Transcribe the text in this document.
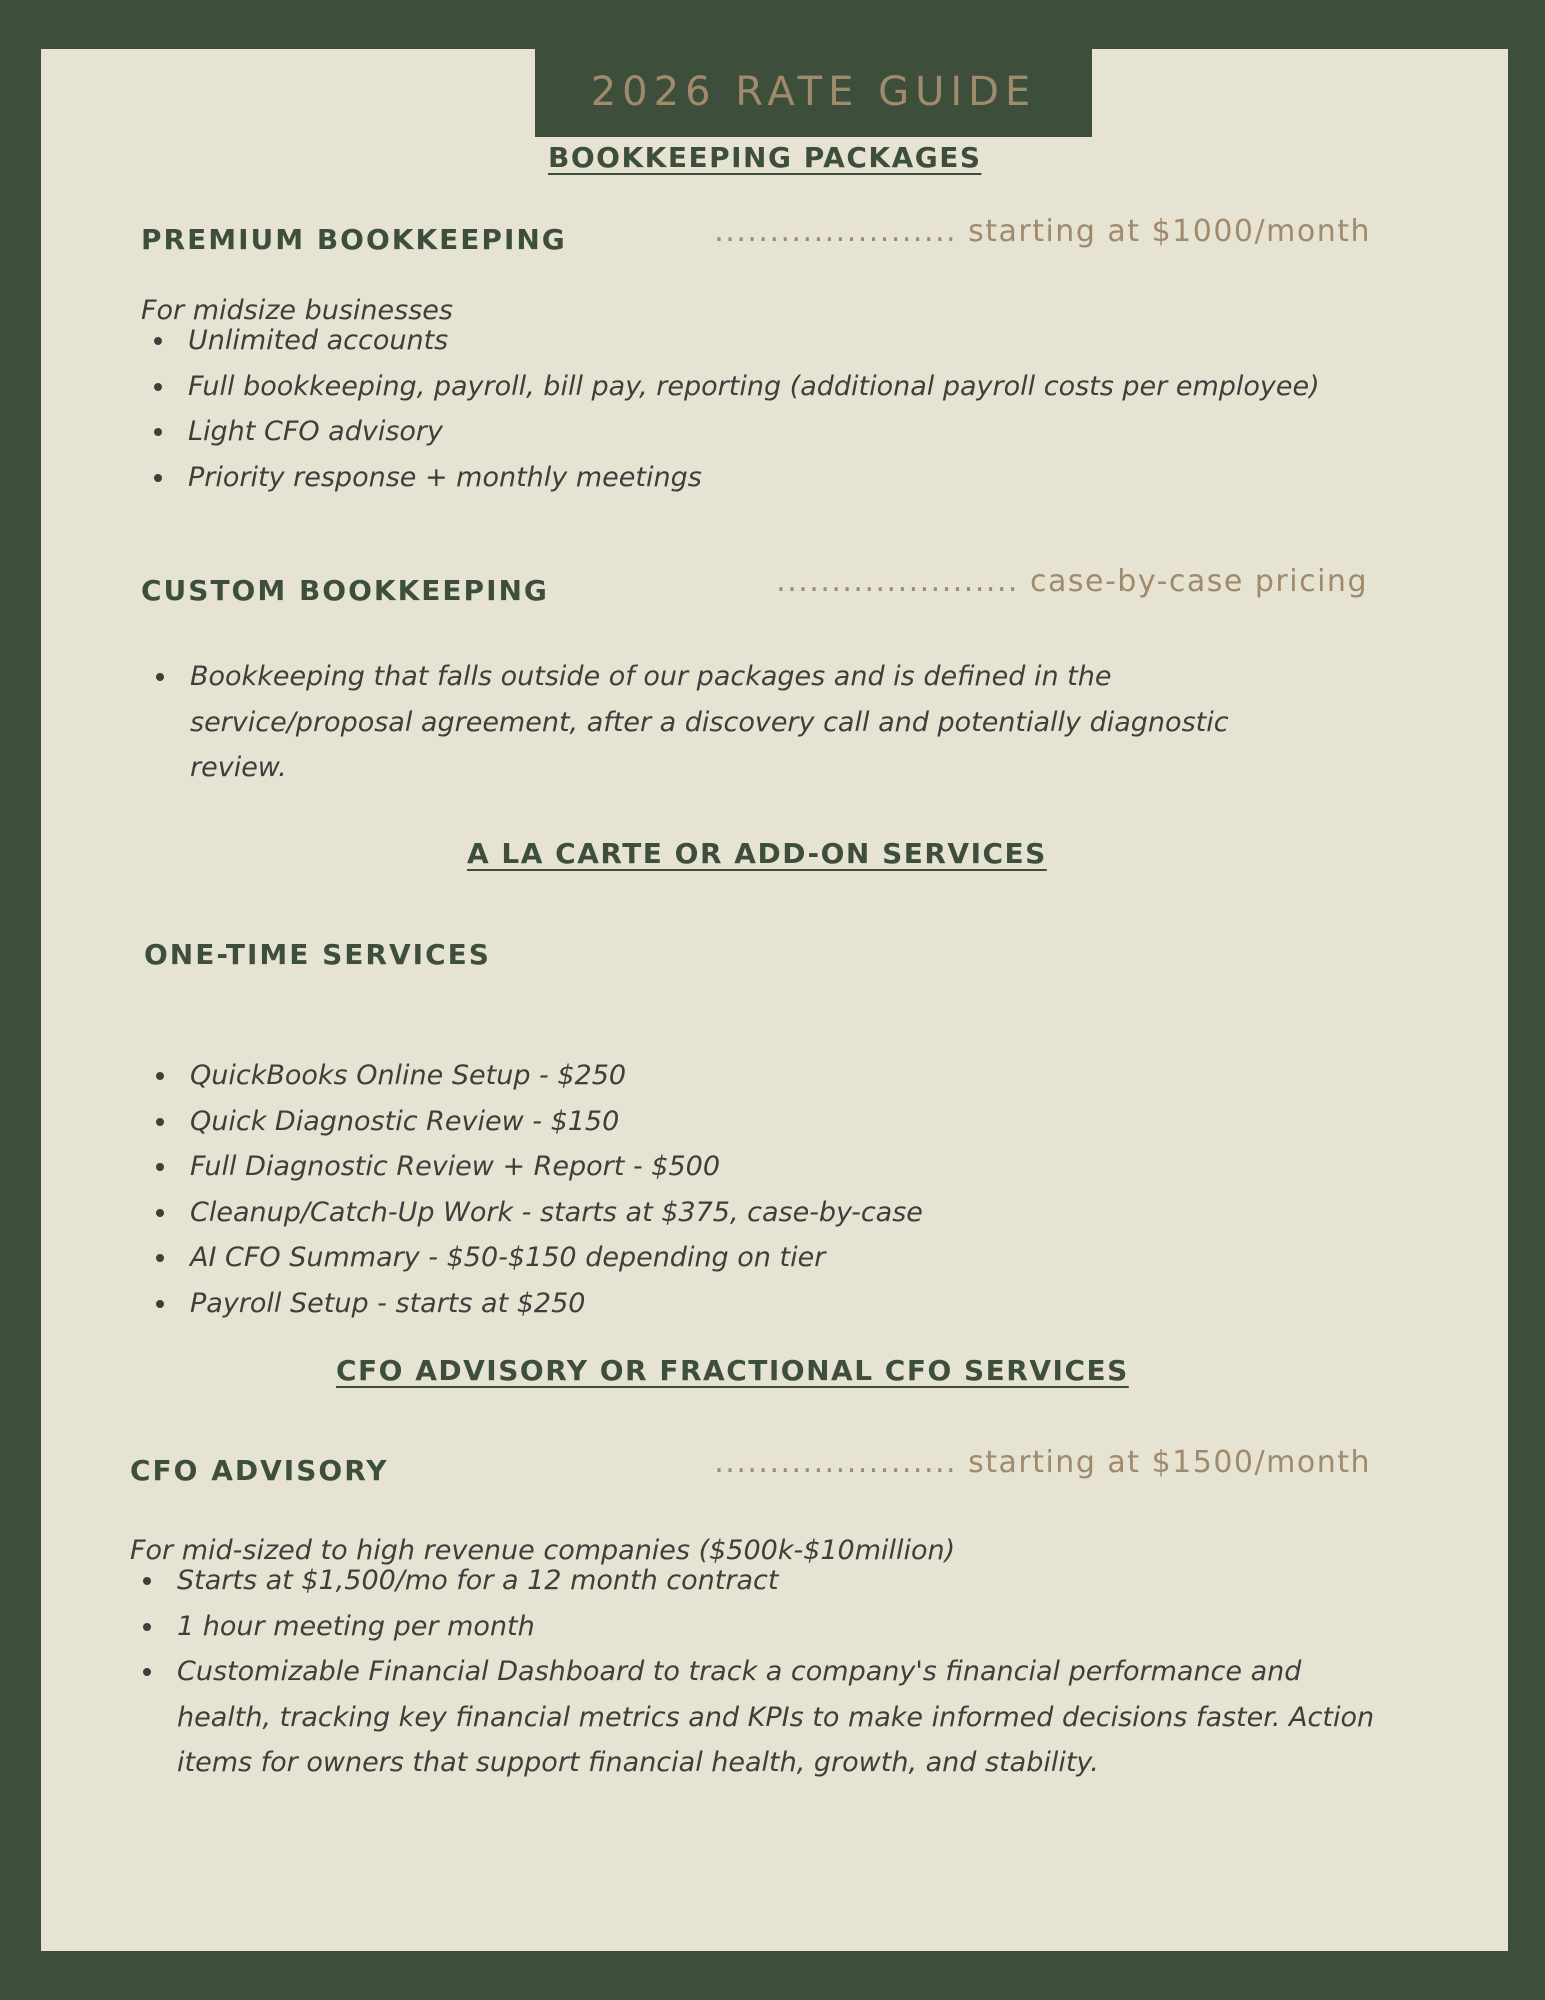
2026 RATE GUIDE
BOOKKEEPING PACKAGES
PREMIUM BOOKKEEPING	...................... starting at $1000/month
For midsize businesses
Unlimited accounts
Full bookkeeping, payroll, bill pay, reporting (additional payroll costs per employee)
Light CFO advisory
Priority response + monthly meetings
CUSTOM BOOKKEEPING	...................... case-by-case pricing
Bookkeeping that falls outside of our packages and is defined in the service/proposal agreement, after a discovery call and potentially diagnostic review.
A LA CARTE OR ADD-ON SERVICES
ONE-TIME SERVICES
QuickBooks Online Setup - $250
Quick Diagnostic Review - $150
Full Diagnostic Review + Report - $500
Cleanup/Catch-Up Work - starts at $375, case-by-case
AI CFO Summary - $50-$150 depending on tier
Payroll Setup - starts at $250
CFO ADVISORY OR FRACTIONAL CFO SERVICES
CFO ADVISORY	...................... starting at $1500/month
For mid-sized to high revenue companies ($500k-$10million)
Starts at $1,500/mo for a 12 month contract
1 hour meeting per month
Customizable Financial Dashboard to track a company's financial performance and health, tracking key financial metrics and KPIs to make informed decisions faster. Action items for owners that support financial health, growth, and stability.
